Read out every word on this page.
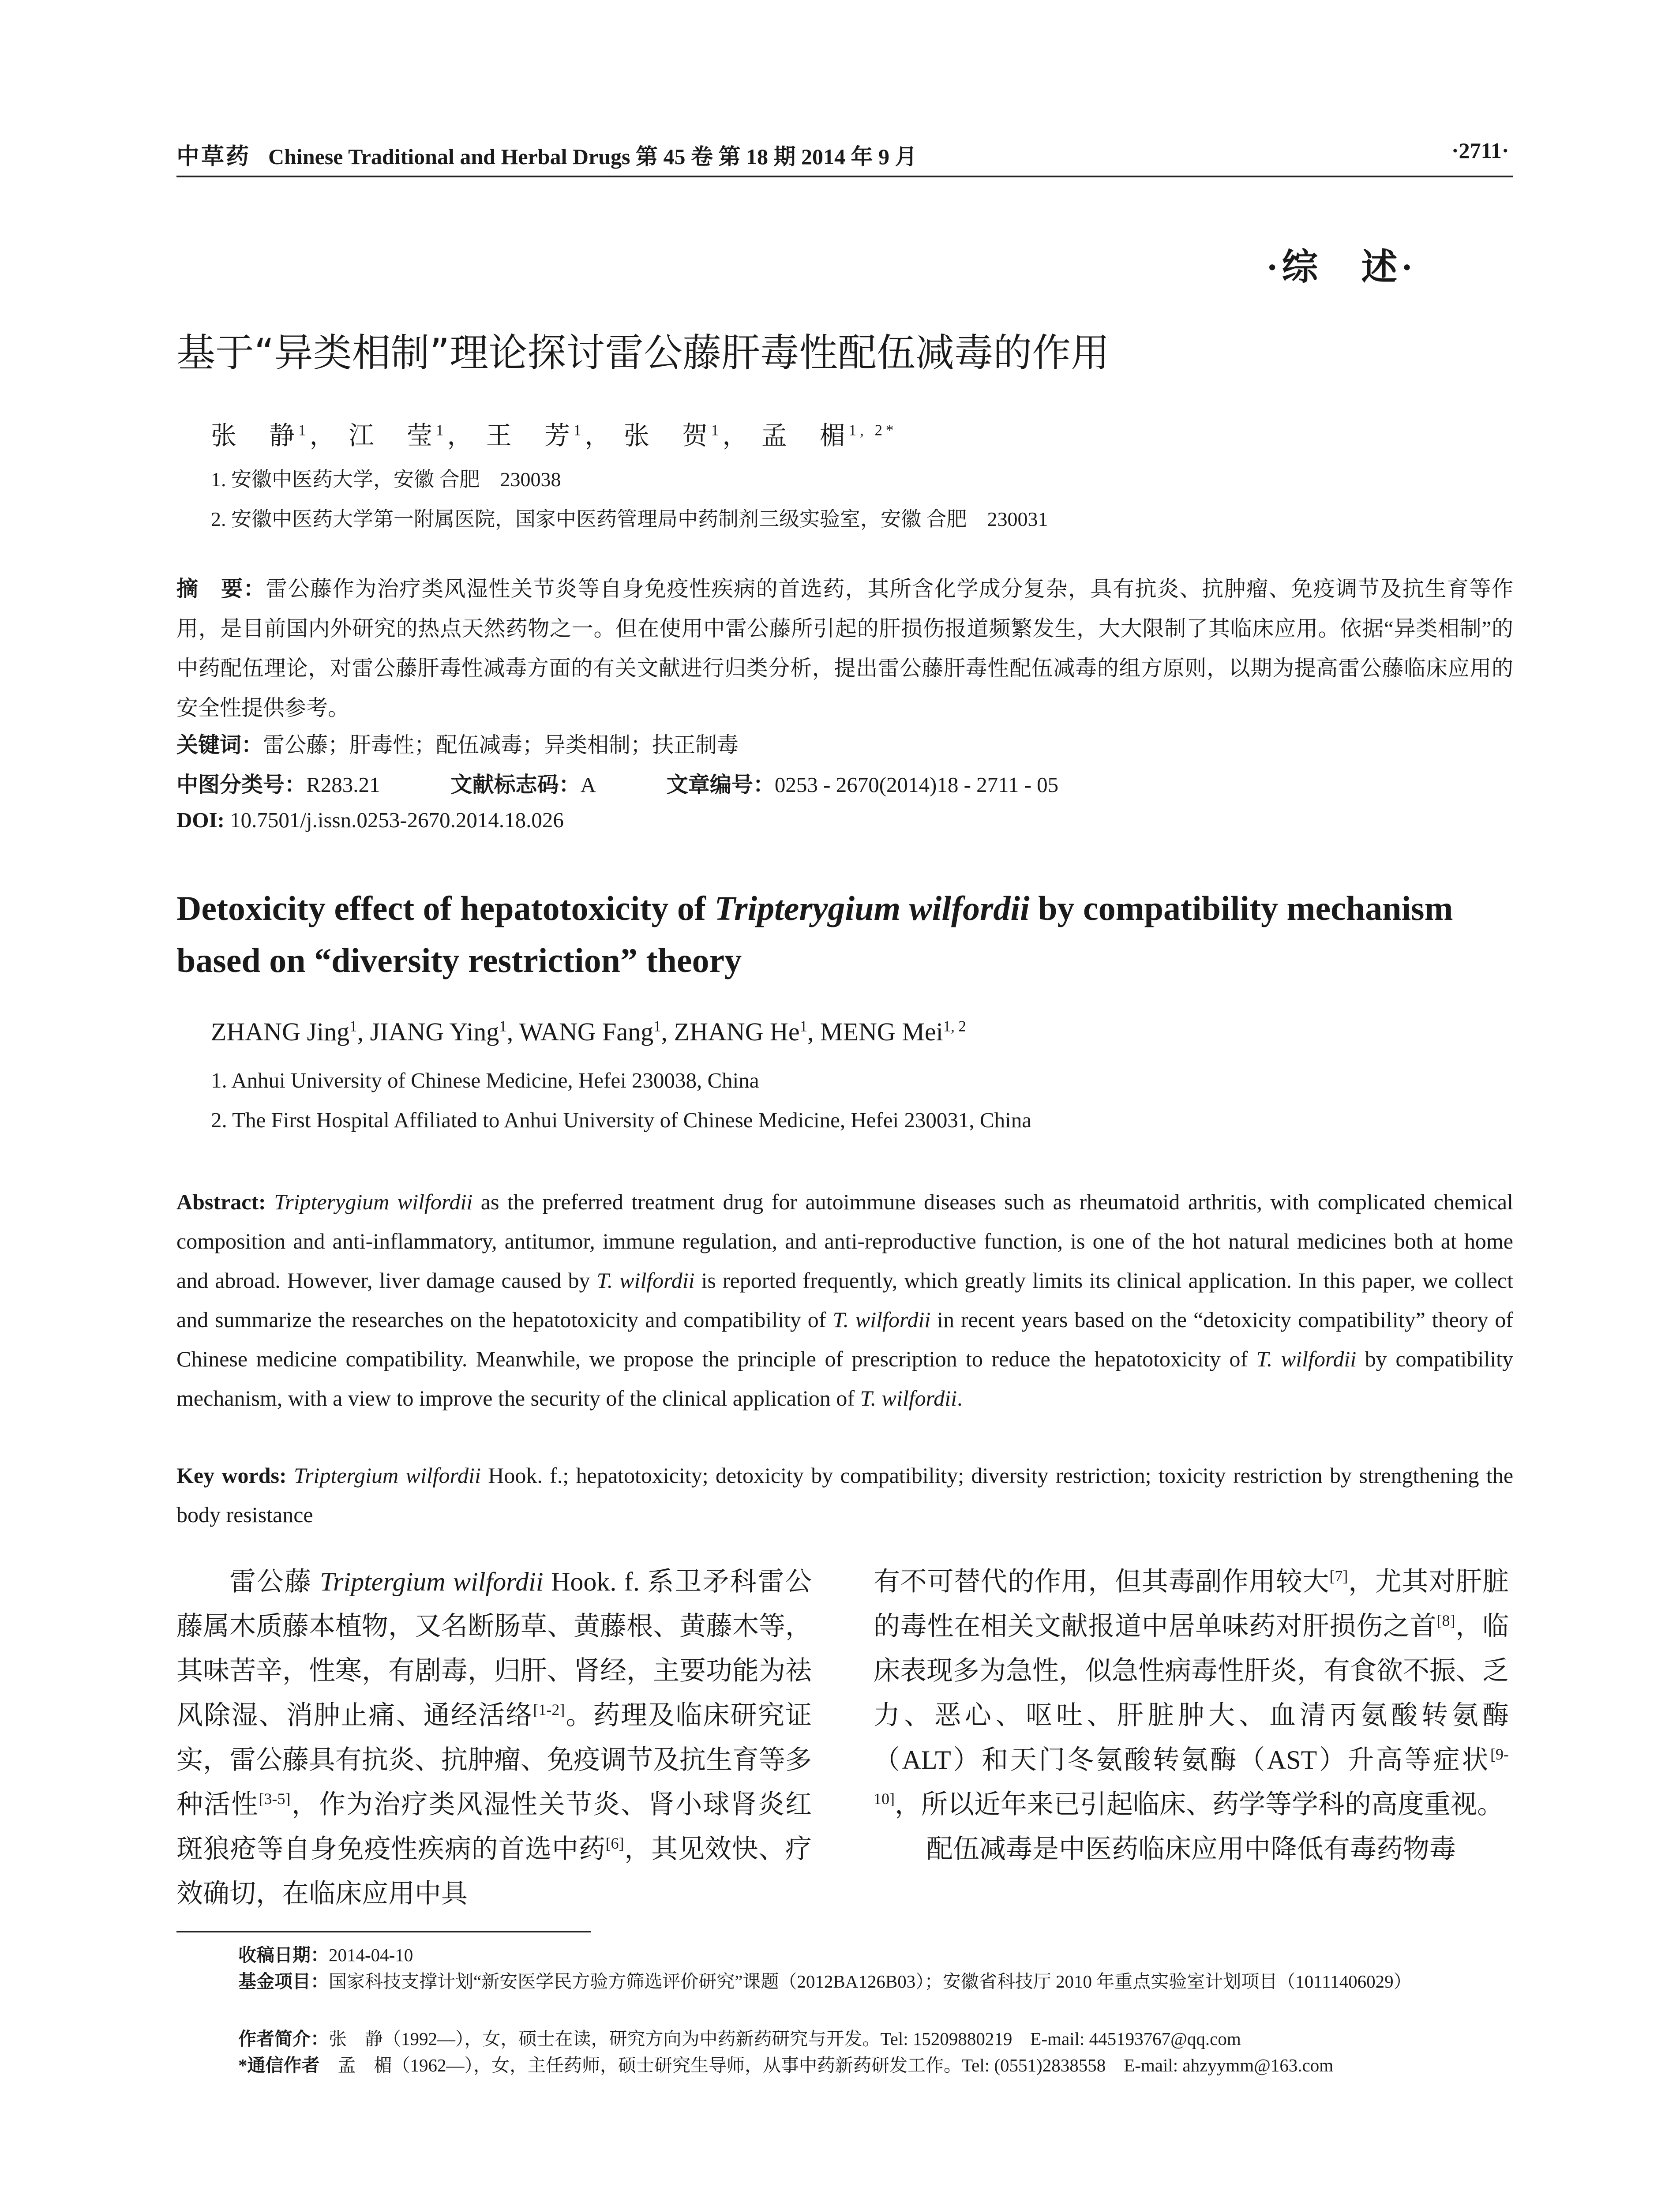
中草药 Chinese Traditional and Herbal Drugs 第 45 卷 第 18 期 2014 年 9 月	·2711·
·综　述·
基于“异类相制”理论探讨雷公藤肝毒性配伍减毒的作用
张　静$^1$， 江　莹$^1$， 王　芳$^1$， 张　贺$^1$， 孟　楣$^{1, 2*}$
1. 安徽中医药大学，安徽 合肥　230038
2. 安徽中医药大学第一附属医院，国家中医药管理局中药制剂三级实验室，安徽 合肥　230031

摘　要：雷公藤作为治疗类风湿性关节炎等自身免疫性疾病的首选药，其所含化学成分复杂，具有抗炎、抗肿瘤、免疫调节及抗生育等作用，是目前国内外研究的热点天然药物之一。但在使用中雷公藤所引起的肝损伤报道频繁发生，大大限制了其临床应用。依据“异类相制”的中药配伍理论，对雷公藤肝毒性减毒方面的有关文献进行归类分析，提出雷公藤肝毒性配伍减毒的组方原则，以期为提高雷公藤临床应用的安全性提供参考。

关键词：雷公藤；肝毒性；配伍减毒；异类相制；扶正制毒
中图分类号：R283.21	文献标志码：A	文章编号：0253 - 2670(2014)18 - 2711 - 05
DOI: 10.7501/j.issn.0253-2670.2014.18.026
Detoxicity effect of hepatotoxicity of Tripterygium wilfordii by compatibility mechanism based on “diversity restriction” theory
ZHANG Jing$^1$, JIANG Ying$^1$, WANG Fang$^1$, ZHANG He$^1$, MENG Mei$^{1, 2}$
1. Anhui University of Chinese Medicine, Hefei 230038, China
2. The First Hospital Affiliated to Anhui University of Chinese Medicine, Hefei 230031, China

Abstract: Tripterygium wilfordii as the preferred treatment drug for autoimmune diseases such as rheumatoid arthritis, with complicated chemical composition and anti-inflammatory, antitumor, immune regulation, and anti-reproductive function, is one of the hot natural medicines both at home and abroad. However, liver damage caused by T. wilfordii is reported frequently, which greatly limits its clinical application. In this paper, we collect and summarize the researches on the hepatotoxicity and compatibility of T. wilfordii in recent years based on the “detoxicity compatibility” theory of Chinese medicine compatibility. Meanwhile, we propose the principle of prescription to reduce the hepatotoxicity of T. wilfordii by compatibility mechanism, with a view to improve the security of the clinical application of T. wilfordii.

Key words: Triptergium wilfordii Hook. f.; hepatotoxicity; detoxicity by compatibility; diversity restriction; toxicity restriction by strengthening the body resistance

雷公藤 Triptergium wilfordii Hook. f. 系卫矛科雷公藤属木质藤本植物，又名断肠草、黄藤根、黄藤木等，其味苦辛，性寒，有剧毒，归肝、肾经，主要功能为祛风除湿、消肿止痛、通经活络[1-2]。药理及临床研究证实，雷公藤具有抗炎、抗肿瘤、免疫调节及抗生育等多种活性[3-5]，作为治疗类风湿性关节炎、肾小球肾炎红斑狼疮等自身免疫性疾病的首选中药[6]，其见效快、疗效确切，在临床应用中具

有不可替代的作用，但其毒副作用较大[7]，尤其对肝脏的毒性在相关文献报道中居单味药对肝损伤之首[8]，临床表现多为急性，似急性病毒性肝炎，有食欲不振、乏力、恶心、呕吐、肝脏肿大、血清丙氨酸转氨酶（ALT）和天门冬氨酸转氨酶（AST）升高等症状[9-10]，所以近年来已引起临床、药学等学科的高度重视。
配伍减毒是中医药临床应用中降低有毒药物毒

收稿日期：2014-04-10
基金项目：国家科技支撑计划“新安医学民方验方筛选评价研究”课题（2012BA126B03）；安徽省科技厅 2010 年重点实验室计划项目（10111406029）
作者简介：张　静（1992—），女，硕士在读，研究方向为中药新药研究与开发。Tel: 15209880219　E-mail: 445193767@qq.com
*通信作者　孟　楣（1962—），女，主任药师，硕士研究生导师，从事中药新药研发工作。Tel: (0551)2838558　E-mail: ahzyymm@163.com
